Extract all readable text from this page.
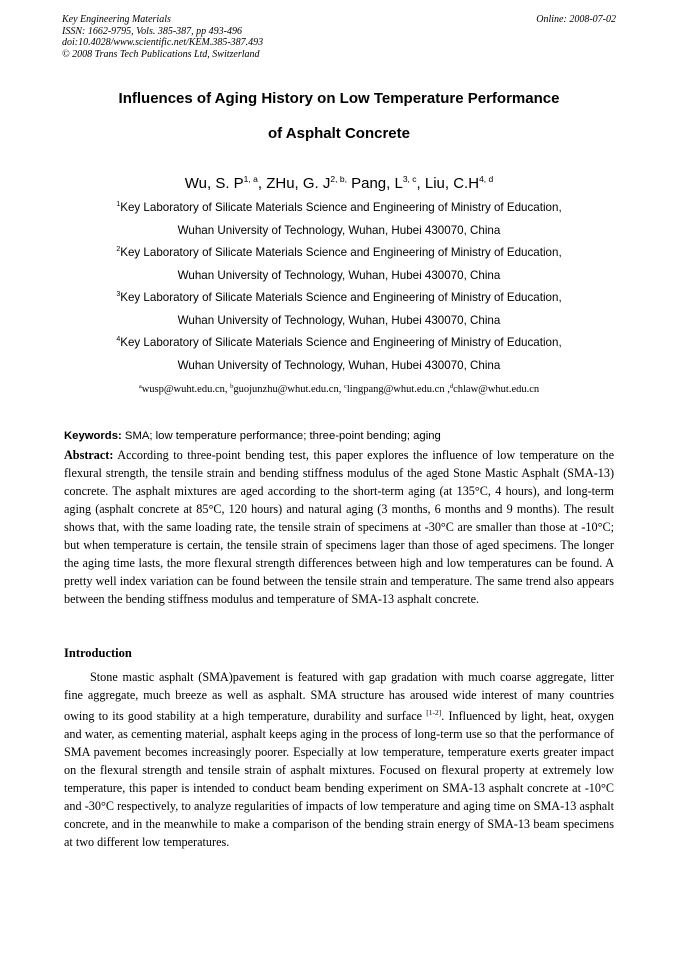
Key Engineering Materials
ISSN: 1662-9795, Vols. 385-387, pp 493-496
doi:10.4028/www.scientific.net/KEM.385-387.493
© 2008 Trans Tech Publications Ltd, Switzerland
Online: 2008-07-02
Influences of Aging History on Low Temperature Performance
of Asphalt Concrete
Wu, S. P$^{1, a}$, ZHu, G. $J^{2, b,}$ Pang, L$^{3, c}$, Liu, $C.H^{4, d}$
$^1$Key Laboratory of Silicate Materials Science and Engineering of Ministry of Education,
Wuhan University of Technology, Wuhan, Hubei 430070, China
$^2$Key Laboratory of Silicate Materials Science and Engineering of Ministry of Education,
Wuhan University of Technology, Wuhan, Hubei 430070, China
$^3$Key Laboratory of Silicate Materials Science and Engineering of Ministry of Education,
Wuhan University of Technology, Wuhan, Hubei 430070, China
$^4$Key Laboratory of Silicate Materials Science and Engineering of Ministry of Education,
Wuhan University of Technology, Wuhan, Hubei 430070, China
$^a$wusp@wuht.edu.cn, $^b$guojunzhu@whut.edu.cn, $^c$lingpang@whut.edu.cn ,$^d$chlaw@whut.edu.cn
Keywords: SMA; low temperature performance; three-point bending; aging
Abstract: According to three-point bending test, this paper explores the influence of low temperature on the flexural strength, the tensile strain and bending stiffness modulus of the aged Stone Mastic Asphalt (SMA-13) concrete. The asphalt mixtures are aged according to the short-term aging (at 135°C, 4 hours), and long-term aging (asphalt concrete at 85°C, 120 hours) and natural aging (3 months, 6 months and 9 months). The result shows that, with the same loading rate, the tensile strain of specimens at -30°C are smaller than those at -10°C; but when temperature is certain, the tensile strain of specimens lager than those of aged specimens. The longer the aging time lasts, the more flexural strength differences between high and low temperatures can be found. A pretty well index variation can be found between the tensile strain and temperature. The same trend also appears between the bending stiffness modulus and temperature of SMA-13 asphalt concrete.
Introduction

Stone mastic asphalt (SMA)pavement is featured with gap gradation with much coarse aggregate, litter fine aggregate, much breeze as well as asphalt. SMA structure has aroused wide interest of many countries owing to its good stability at a high temperature, durability and surface [1-2]. Influenced by light, heat, oxygen and water, as cementing material, asphalt keeps aging in the process of long-term use so that the performance of SMA pavement becomes increasingly poorer. Especially at low temperature, temperature exerts greater impact on the flexural strength and tensile strain of asphalt mixtures. Focused on flexural property at extremely low temperature, this paper is intended to conduct beam bending experiment on SMA-13 asphalt concrete at -10°C and -30°C respectively, to analyze regularities of impacts of low temperature and aging time on SMA-13 asphalt concrete, and in the meanwhile to make a comparison of the bending strain energy of SMA-13 beam specimens at two different low temperatures.
